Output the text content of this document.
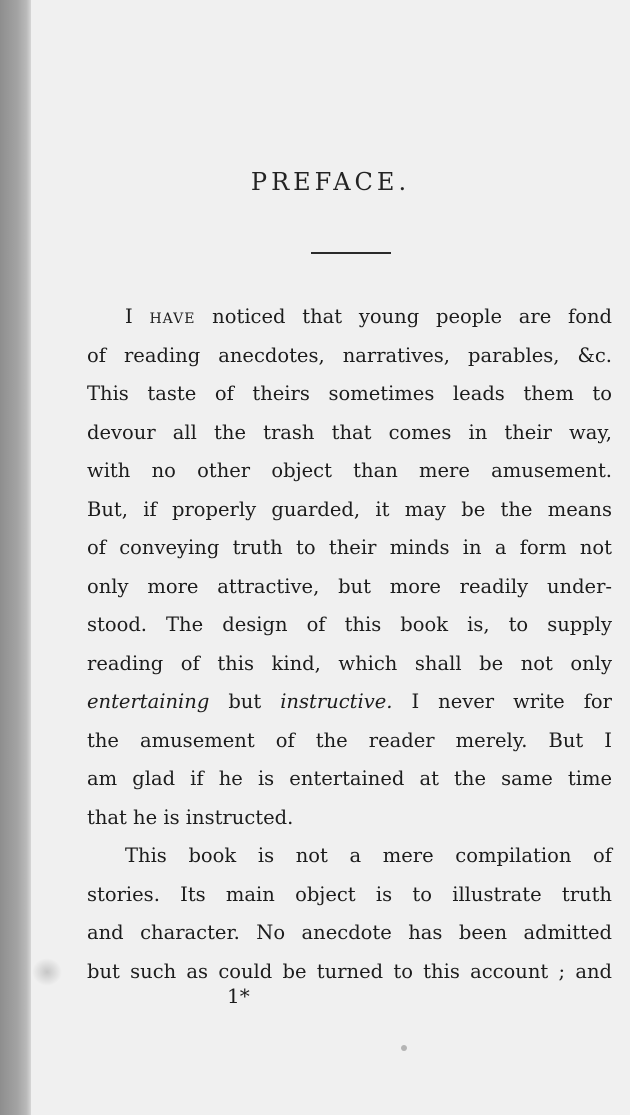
PREFACE.
I have noticed that young people are fond
of reading anecdotes, narratives, parables, &c.
This taste of theirs sometimes leads them to
devour all the trash that comes in their way,
with no other object than mere amusement.
But, if properly guarded, it may be the means
of conveying truth to their minds in a form not
only more attractive, but more readily under-
stood. The design of this book is, to supply
reading of this kind, which shall be not only
entertaining but instructive. I never write for
the amusement of the reader merely. But I
am glad if he is entertained at the same time
that he is instructed.
This book is not a mere compilation of
stories. Its main object is to illustrate truth
and character. No anecdote has been admitted
but such as could be turned to this account ; and
1*
